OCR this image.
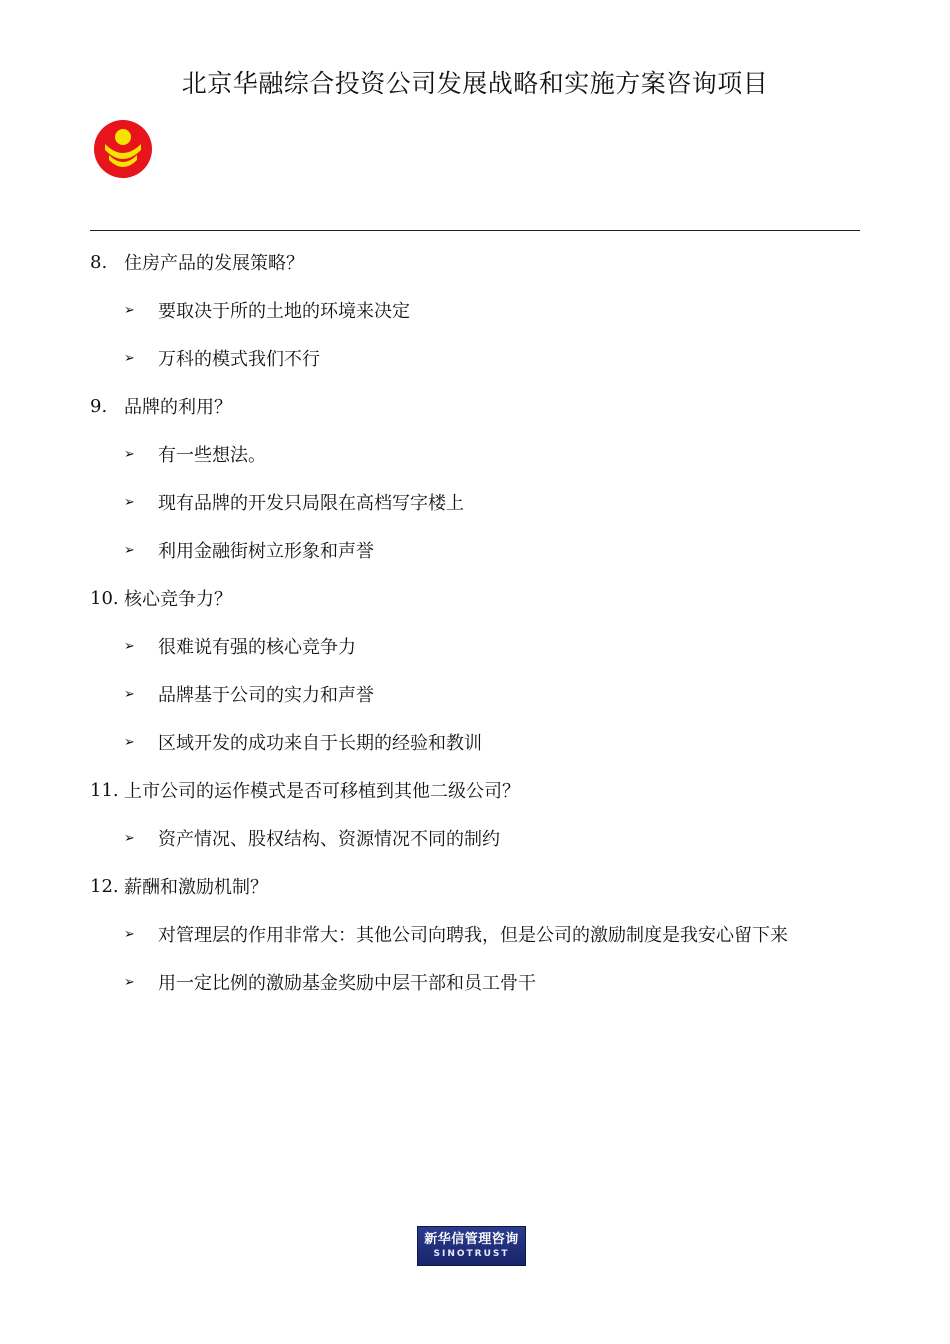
北京华融综合投资公司发展战略和实施方案咨询项目
8. 住房产品的发展策略？
➢	要取决于所的土地的环境来决定
➢	万科的模式我们不行
9. 品牌的利用？
➢	有一些想法。
➢	现有品牌的开发只局限在高档写字楼上
➢	利用金融街树立形象和声誉
10. 核心竞争力？
➢	很难说有强的核心竞争力
➢	品牌基于公司的实力和声誉
➢	区域开发的成功来自于长期的经验和教训
11. 上市公司的运作模式是否可移植到其他二级公司？
➢	资产情况、股权结构、资源情况不同的制约
12. 薪酬和激励机制？
➢	对管理层的作用非常大：其他公司向聘我，但是公司的激励制度是我安心留下来
➢	用一定比例的激励基金奖励中层干部和员工骨干
新华信管理咨询
SINOTRUST
